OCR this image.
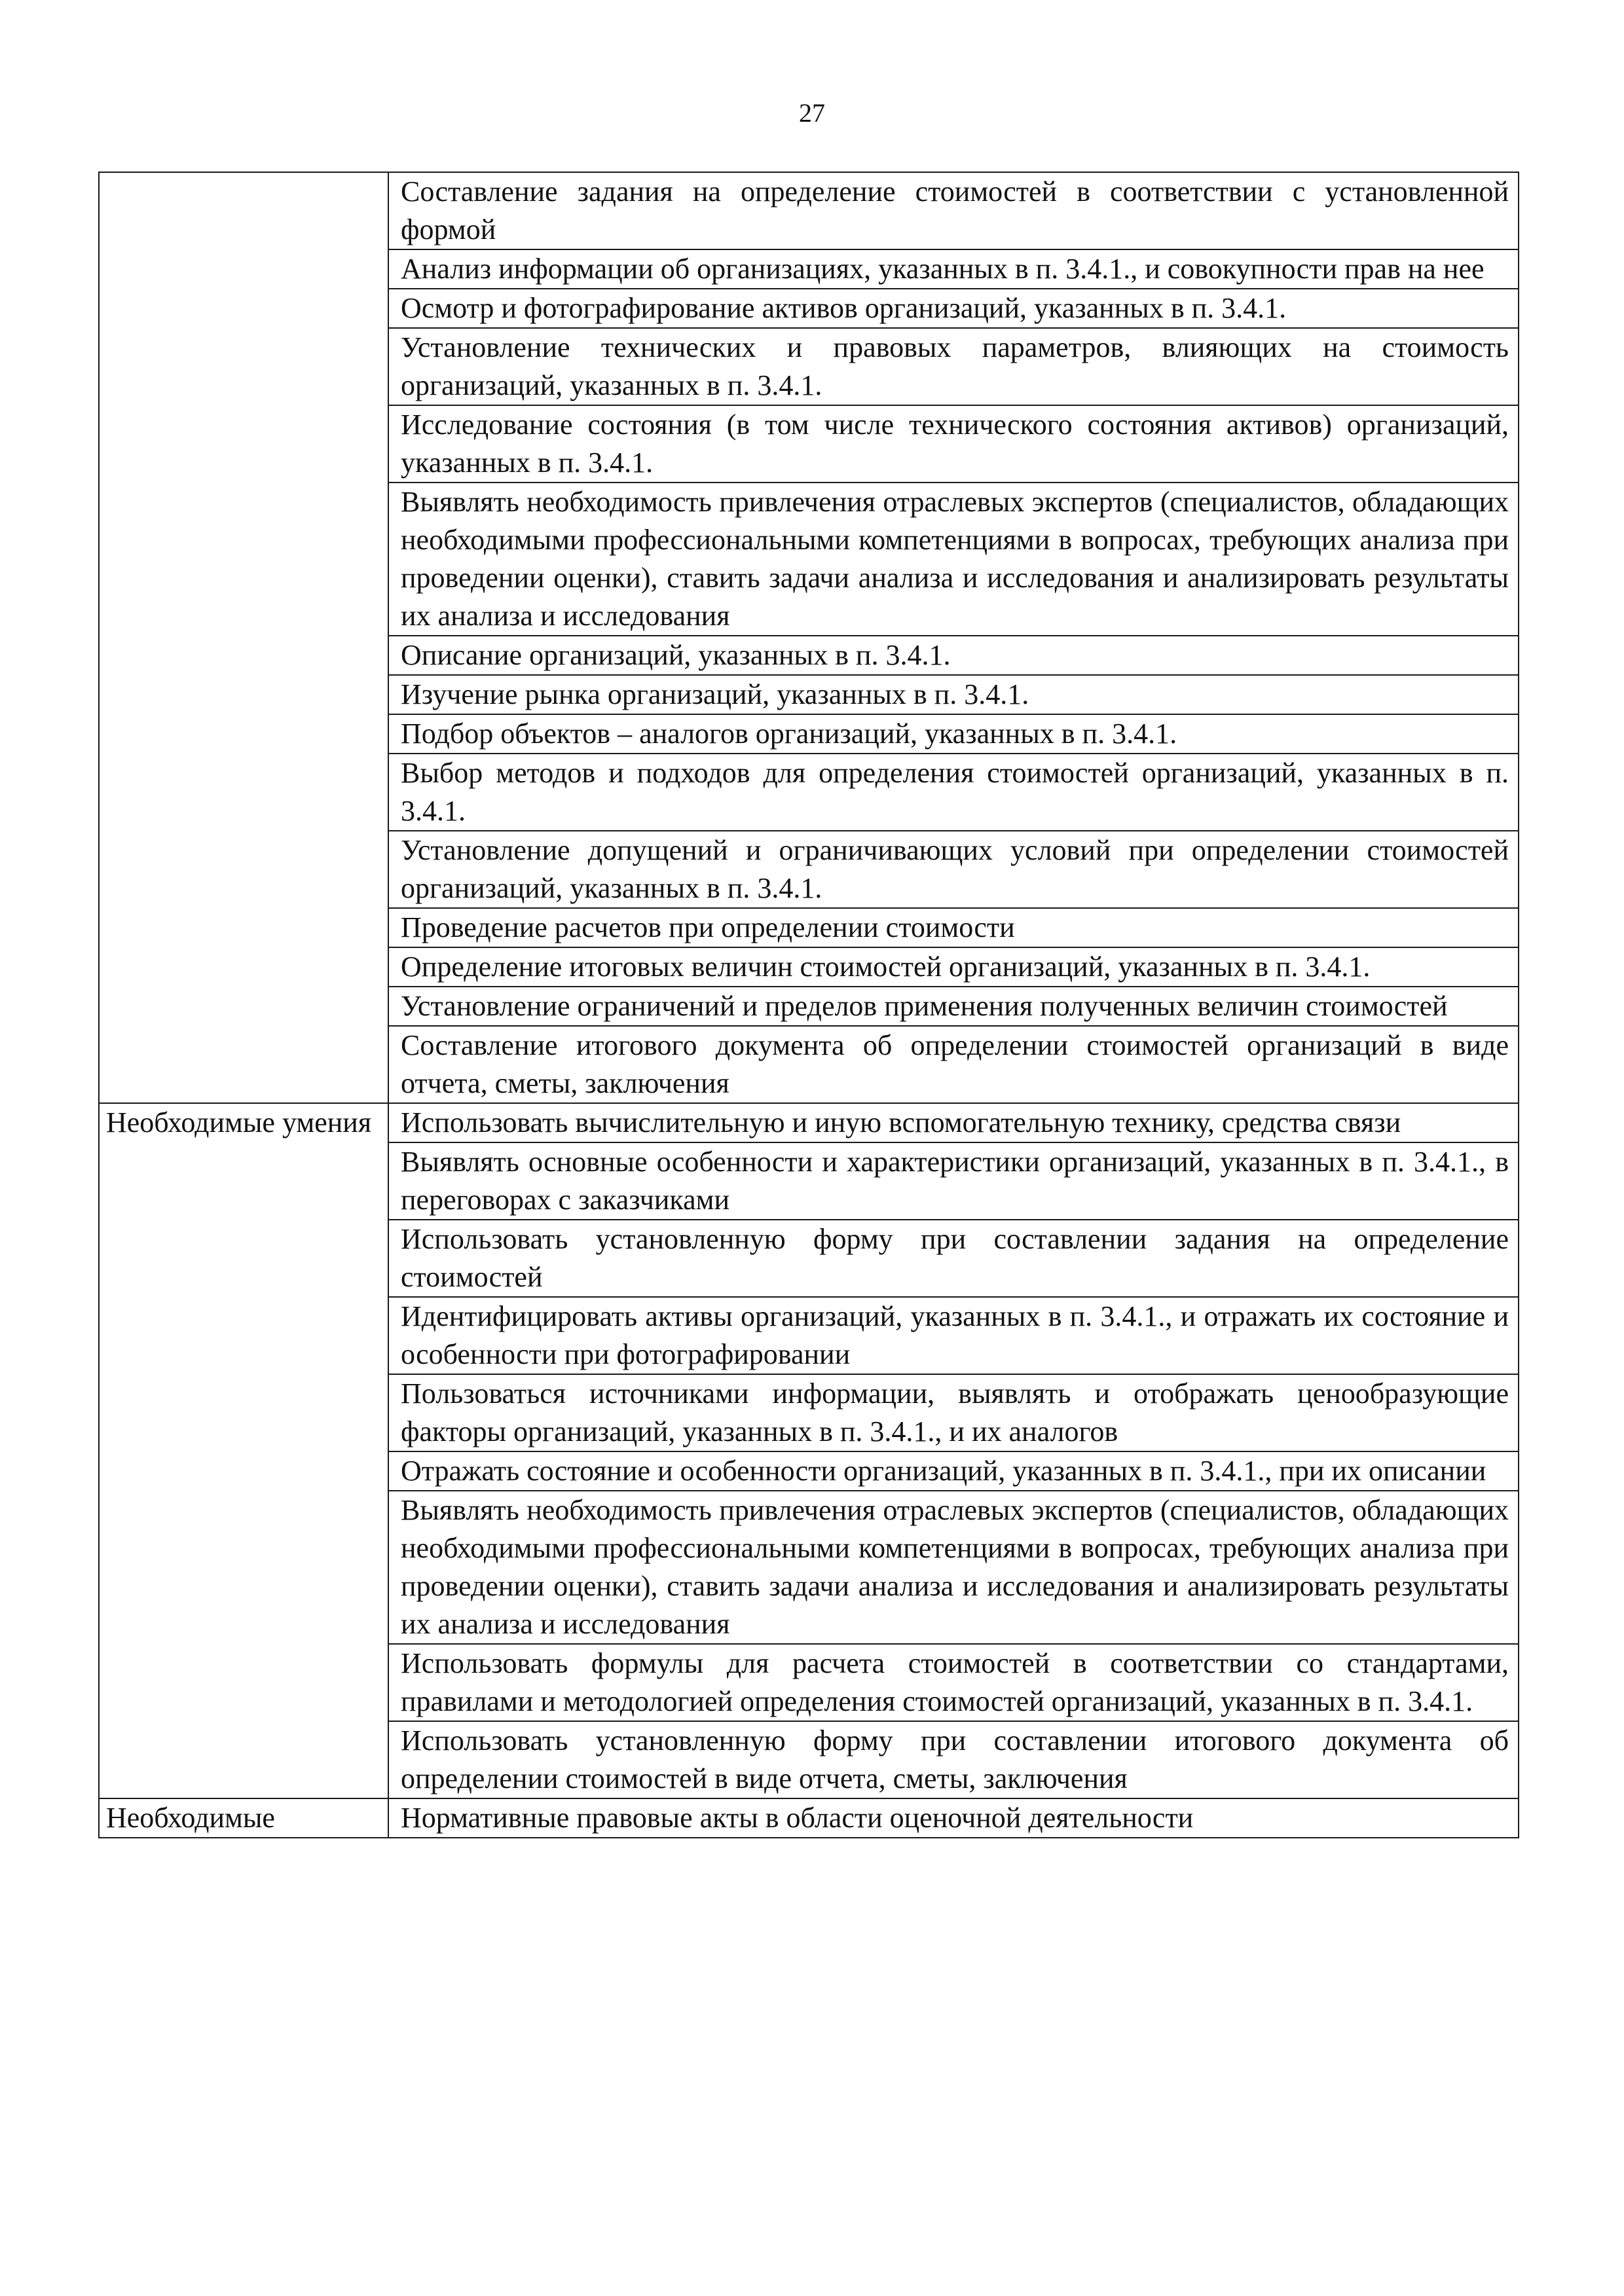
27
	Составление задания на определение стоимостей в соответствии с установленной формой
	Анализ информации об организациях, указанных в п. 3.4.1., и совокупности прав на нее
	Осмотр и фотографирование активов организаций, указанных в п. 3.4.1.
	Установление технических и правовых параметров, влияющих на стоимость организаций, указанных в п. 3.4.1.
	Исследование состояния (в том числе технического состояния активов) организаций, указанных в п. 3.4.1.
	Выявлять необходимость привлечения отраслевых экспертов (специалистов, обладающих необходимыми профессиональными компетенциями в вопросах, требующих анализа при проведении оценки), ставить задачи анализа и исследования и анализировать результаты их анализа и исследования
	Описание организаций, указанных в п. 3.4.1.
	Изучение рынка организаций, указанных в п. 3.4.1.
	Подбор объектов – аналогов организаций, указанных в п. 3.4.1.
	Выбор методов и подходов для определения стоимостей организаций, указанных в п. 3.4.1.
	Установление допущений и ограничивающих условий при определении стоимостей организаций, указанных в п. 3.4.1.
	Проведение расчетов при определении стоимости
	Определение итоговых величин стоимостей организаций, указанных в п. 3.4.1.
	Установление ограничений и пределов применения полученных величин стоимостей
	Составление итогового документа об определении стоимостей организаций в виде отчета, сметы, заключения
Необходимые умения	Использовать вычислительную и иную вспомогательную технику, средства связи
	Выявлять основные особенности и характеристики организаций, указанных в п. 3.4.1., в переговорах с заказчиками
	Использовать установленную форму при составлении задания на определение стоимостей
	Идентифицировать активы организаций, указанных в п. 3.4.1., и отражать их состояние и особенности при фотографировании
	Пользоваться источниками информации, выявлять и отображать ценообразующие факторы организаций, указанных в п. 3.4.1., и их аналогов
	Отражать состояние и особенности организаций, указанных в п. 3.4.1., при их описании
	Выявлять необходимость привлечения отраслевых экспертов (специалистов, обладающих необходимыми профессиональными компетенциями в вопросах, требующих анализа при проведении оценки), ставить задачи анализа и исследования и анализировать результаты их анализа и исследования
	Использовать формулы для расчета стоимостей в соответствии со стандартами, правилами и методологией определения стоимостей организаций, указанных в п. 3.4.1.
	Использовать установленную форму при составлении итогового документа об определении стоимостей в виде отчета, сметы, заключения
Необходимые	Нормативные правовые акты в области оценочной деятельности
